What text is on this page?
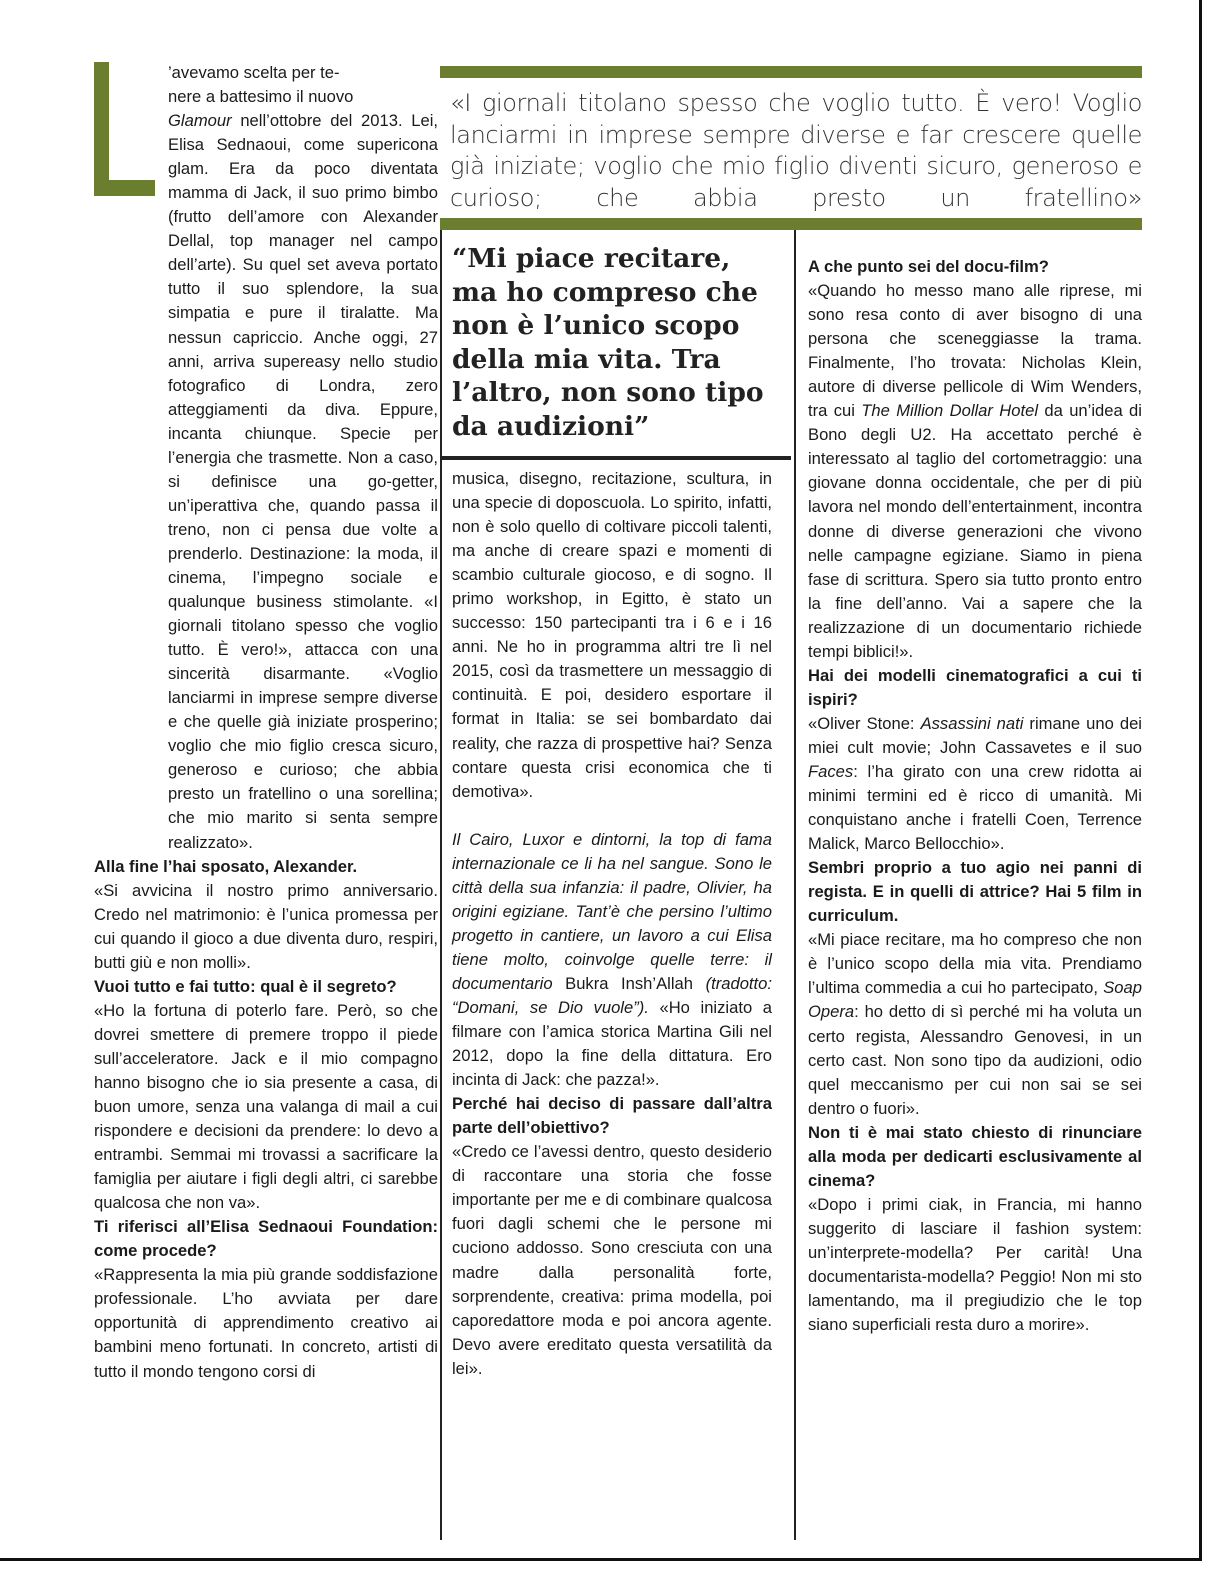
«I giornali titolano spesso che voglio tutto. È vero! Voglio lanciarmi in imprese sempre diverse e far crescere quelle già iniziate; voglio che mio figlio diventi sicuro, generoso e curioso; che abbia presto un fratellino»
“Mi piace recitare, ma ho compreso che non è l’unico scopo della mia vita. Tra l’altro, non sono tipo da audizioni”

’avevamo scelta per te-

nere a battesimo il nuovo

Glamour nell’ottobre del 2013. Lei, Elisa Sednaoui, come supericona glam. Era da poco diventata mamma di Jack, il suo primo bimbo (frutto dell’amore con Alexander Dellal, top manager nel campo dell’arte). Su quel set aveva portato tutto il suo splendore, la sua simpatia e pure il tiralatte. Ma nessun capriccio. Anche oggi, 27 anni, arriva supereasy nello studio fotografico di Londra, zero atteggiamenti da diva. Eppure, incanta chiunque. Specie per l’energia che trasmette. Non a caso, si definisce una go-getter, un’iperattiva che, quando passa il treno, non ci pensa due volte a prenderlo. Destinazione: la moda, il cinema, l’impegno sociale e qualunque business stimolante. «I giornali titolano spesso che voglio tutto. È vero!», attacca con una sincerità disarmante. «Voglio lanciarmi in imprese sempre diverse e che quelle già iniziate prosperino; voglio che mio figlio cresca sicuro, generoso e curioso; che abbia presto un fratellino o una sorellina; che mio marito si senta sempre realizzato».

Alla fine l’hai sposato, Alexander.

«Si avvicina il nostro primo anniversario. Credo nel matrimonio: è l’unica promessa per cui quando il gioco a due diventa duro, respiri, butti giù e non molli».

Vuoi tutto e fai tutto: qual è il segreto?

«Ho la fortuna di poterlo fare. Però, so che dovrei smettere di premere troppo il piede sull’acceleratore. Jack e il mio compagno hanno bisogno che io sia presente a casa, di buon umore, senza una valanga di mail a cui rispondere e decisioni da prendere: lo devo a entrambi. Semmai mi trovassi a sacrificare la famiglia per aiutare i figli degli altri, ci sarebbe qualcosa che non va».

Ti riferisci all’Elisa Sednaoui Foundation: come procede?

«Rappresenta la mia più grande soddisfazione professionale. L’ho avviata per dare opportunità di apprendimento creativo ai bambini meno fortunati. In concreto, artisti di tutto il mondo tengono corsi di

musica, disegno, recitazione, scultura, in una specie di doposcuola. Lo spirito, infatti, non è solo quello di coltivare piccoli talenti, ma anche di creare spazi e momenti di scambio culturale giocoso, e di sogno. Il primo workshop, in Egitto, è stato un successo: 150 partecipanti tra i 6 e i 16 anni. Ne ho in programma altri tre lì nel 2015, così da trasmettere un messaggio di continuità. E poi, desidero esportare il format in Italia: se sei bombardato dai reality, che razza di prospettive hai? Senza contare questa crisi economica che ti demotiva».

Il Cairo, Luxor e dintorni, la top di fama internazionale ce li ha nel sangue. Sono le città della sua infanzia: il padre, Olivier, ha origini egiziane. Tant’è che persino l’ultimo progetto in cantiere, un lavoro a cui Elisa tiene molto, coinvolge quelle terre: il documentario Bukra Insh’Allah (tradotto: “Domani, se Dio vuole”). «Ho iniziato a filmare con l’amica storica Martina Gili nel 2012, dopo la fine della dittatura. Ero incinta di Jack: che pazza!».

Perché hai deciso di passare dall’altra parte dell’obiettivo?

«Credo ce l’avessi dentro, questo desiderio di raccontare una storia che fosse importante per me e di combinare qualcosa fuori dagli schemi che le persone mi cuciono addosso. Sono cresciuta con una madre dalla personalità forte, sorprendente, creativa: prima modella, poi caporedattore moda e poi ancora agente. Devo avere ereditato questa versatilità da lei».

A che punto sei del docu-film?

«Quando ho messo mano alle riprese, mi sono resa conto di aver bisogno di una persona che sceneggiasse la trama. Finalmente, l’ho trovata: Nicholas Klein, autore di diverse pellicole di Wim Wenders, tra cui The Million Dollar Hotel da un’idea di Bono degli U2. Ha accettato perché è interessato al taglio del cortometraggio: una giovane donna occidentale, che per di più lavora nel mondo dell’entertainment, incontra donne di diverse generazioni che vivono nelle campagne egiziane. Siamo in piena fase di scrittura. Spero sia tutto pronto entro la fine dell’anno. Vai a sapere che la realizzazione di un documentario richiede tempi biblici!».

Hai dei modelli cinematografici a cui ti ispiri?

«Oliver Stone: Assassini nati rimane uno dei miei cult movie; John Cassavetes e il suo Faces: l’ha girato con una crew ridotta ai minimi termini ed è ricco di umanità. Mi conquistano anche i fratelli Coen, Terrence Malick, Marco Bellocchio».

Sembri proprio a tuo agio nei panni di regista. E in quelli di attrice? Hai 5 film in curriculum.

«Mi piace recitare, ma ho compreso che non è l’unico scopo della mia vita. Prendiamo l’ultima commedia a cui ho partecipato, Soap Opera: ho detto di sì perché mi ha voluta un certo regista, Alessandro Genovesi, in un certo cast. Non sono tipo da audizioni, odio quel meccanismo per cui non sai se sei dentro o fuori».

Non ti è mai stato chiesto di rinunciare alla moda per dedicarti esclusivamente al cinema?

«Dopo i primi ciak, in Francia, mi hanno suggerito di lasciare il fashion system: un’interprete-modella? Per carità! Una documentarista-modella? Peggio! Non mi sto lamentando, ma il pregiudizio che le top siano superficiali resta duro a morire».
